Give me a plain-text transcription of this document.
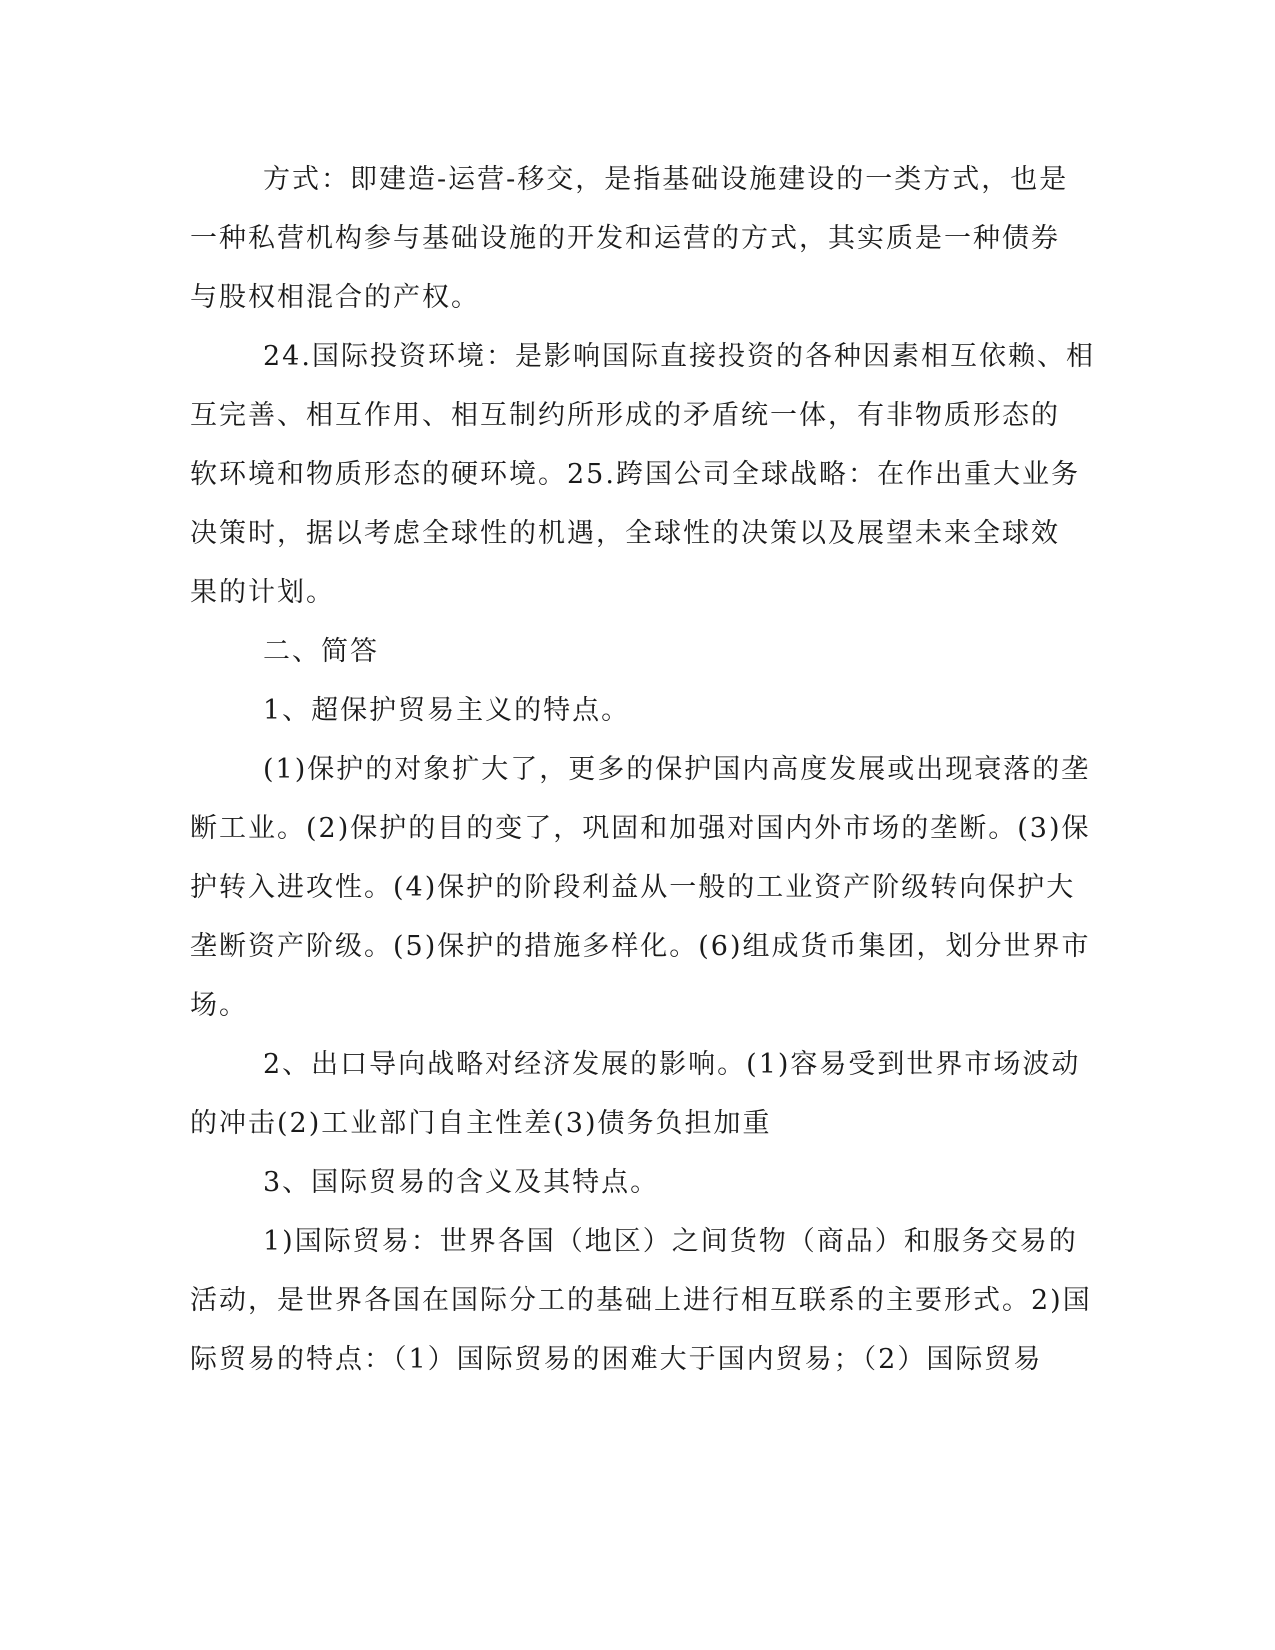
方式：即建造-运营-移交，是指基础设施建设的一类方式，也是
一种私营机构参与基础设施的开发和运营的方式，其实质是一种债券
与股权相混合的产权。
24.国际投资环境：是影响国际直接投资的各种因素相互依赖、相
互完善、相互作用、相互制约所形成的矛盾统一体，有非物质形态的
软环境和物质形态的硬环境。25.跨国公司全球战略：在作出重大业务
决策时，据以考虑全球性的机遇，全球性的决策以及展望未来全球效
果的计划。
二、简答
1、超保护贸易主义的特点。
(1)保护的对象扩大了，更多的保护国内高度发展或出现衰落的垄
断工业。(2)保护的目的变了，巩固和加强对国内外市场的垄断。(3)保
护转入进攻性。(4)保护的阶段利益从一般的工业资产阶级转向保护大
垄断资产阶级。(5)保护的措施多样化。(6)组成货币集团，划分世界市
场。
2、出口导向战略对经济发展的影响。(1)容易受到世界市场波动
的冲击(2)工业部门自主性差(3)债务负担加重
3、国际贸易的含义及其特点。
1)国际贸易：世界各国（地区）之间货物（商品）和服务交易的
活动，是世界各国在国际分工的基础上进行相互联系的主要形式。2)国
际贸易的特点：（1）国际贸易的困难大于国内贸易；（2）国际贸易
